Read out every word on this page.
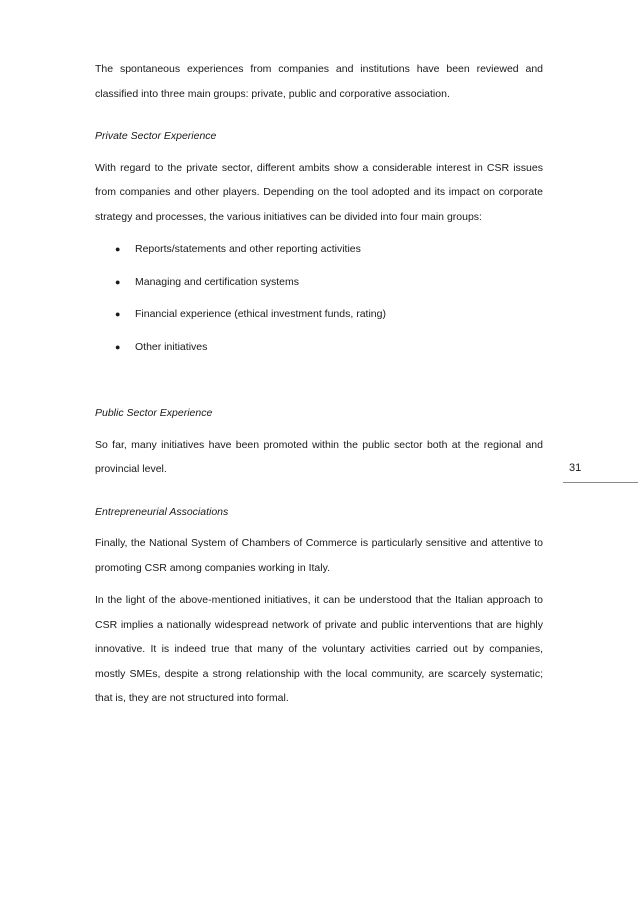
The spontaneous experiences from companies and institutions have been reviewed and classified into three main groups: private, public and corporative association.

Private Sector Experience

With regard to the private sector, different ambits show a considerable interest in CSR issues from companies and other players. Depending on the tool adopted and its impact on corporate strategy and processes, the various initiatives can be divided into four main groups:

● Reports/statements and other reporting activities
● Managing and certification systems
● Financial experience (ethical investment funds, rating)
● Other initiatives

Public Sector Experience

So far, many initiatives have been promoted within the public sector both at the regional and provincial level.

Entrepreneurial Associations

Finally, the National System of Chambers of Commerce is particularly sensitive and attentive to promoting CSR among companies working in Italy.

In the light of the above-mentioned initiatives, it can be understood that the Italian approach to CSR implies a nationally widespread network of private and public interventions that are highly innovative. It is indeed true that many of the voluntary activities carried out by companies, mostly SMEs, despite a strong relationship with the local community, are scarcely systematic; that is, they are not structured into formal.

31
